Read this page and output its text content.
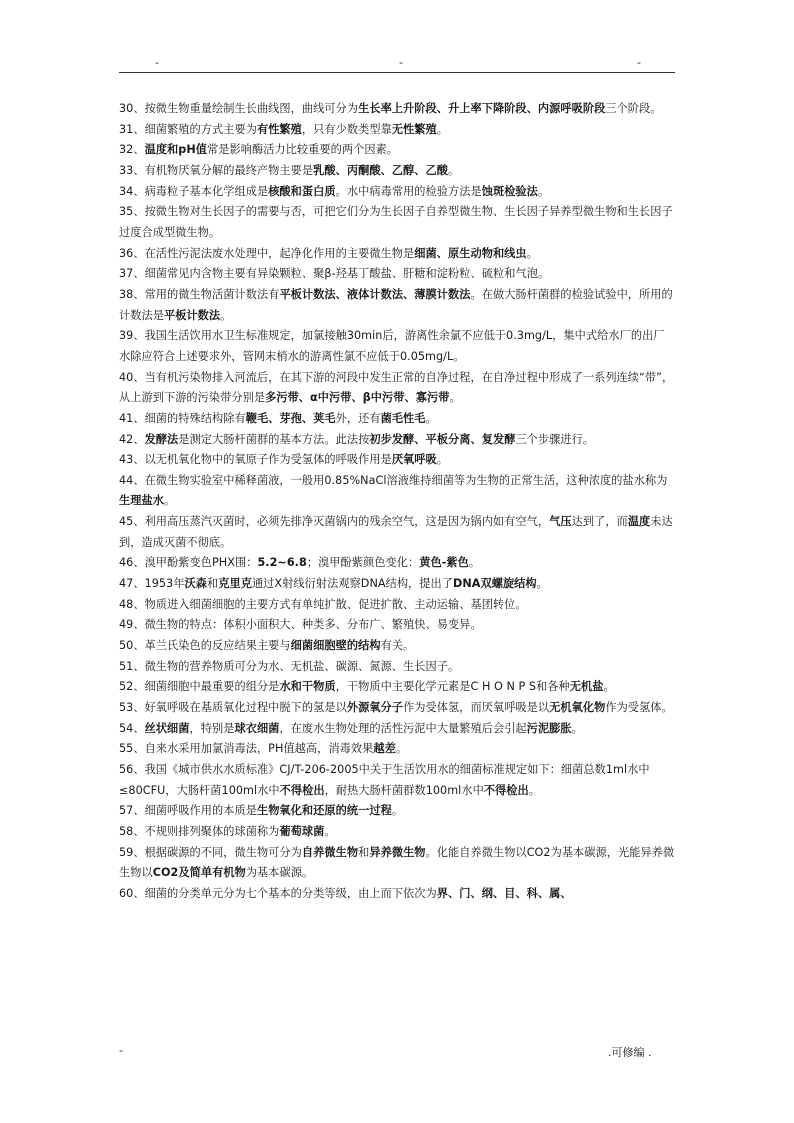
-	-	-

30、按微生物重量绘制生长曲线图，曲线可分为生长率上升阶段、升上率下降阶段、内源呼吸阶段三个阶段。

31、细菌繁殖的方式主要为有性繁殖，只有少数类型靠无性繁殖。

32、温度和pH值常是影响酶活力比较重要的两个因素。

33、有机物厌氧分解的最终产物主要是乳酸、丙酮酸、乙醇、乙酸。

34、病毒粒子基本化学组成是核酸和蛋白质。水中病毒常用的检验方法是蚀斑检验法。

35、按微生物对生长因子的需要与否，可把它们分为生长因子自养型微生物、生长因子异养型微生物和生长因子过度合成型微生物。

36、在活性污泥法废水处理中，起净化作用的主要微生物是细菌、原生动物和线虫。

37、细菌常见内含物主要有异染颗粒、聚β-羟基丁酸盐、肝糖和淀粉粒、硫粒和气泡。

38、常用的微生物活菌计数法有平板计数法、液体计数法、薄膜计数法。在做大肠杆菌群的检验试验中，所用的计数法是平板计数法。

39、我国生活饮用水卫生标准规定，加氯接触30min后，游离性余氯不应低于0.3mg/L，集中式给水厂的出厂水除应符合上述要求外，管网末梢水的游离性氯不应低于0.05mg/L。

40、当有机污染物排入河流后，在其下游的河段中发生正常的自净过程，在自净过程中形成了一系列连续“带”，从上游到下游的污染带分别是多污带、α中污带、β中污带、寡污带。

41、细菌的特殊结构除有鞭毛、芽孢、荚毛外，还有菌毛性毛。

42、发酵法是测定大肠杆菌群的基本方法。此法按初步发酵、平板分离、复发酵三个步骤进行。

43、以无机氧化物中的氧原子作为受氢体的呼吸作用是厌氧呼吸。

44、在微生物实验室中稀释菌液，一般用0.85%NaCl溶液维持细菌等为生物的正常生活，这种浓度的盐水称为生理盐水。

45、利用高压蒸汽灭菌时，必须先排净灭菌锅内的残余空气，这是因为锅内如有空气，气压达到了，而温度未达到，造成灭菌不彻底。

46、溴甲酚紫变色PHX围：5.2~6.8；溴甲酚紫颜色变化：黄色-紫色。

47、1953年沃森和克里克通过X射线衍射法观察DNA结构，提出了DNA双螺旋结构。

48、物质进入细菌细胞的主要方式有单纯扩散、促进扩散、主动运输、基团转位。

49、微生物的特点：体积小面积大、种类多、分布广、繁殖快、易变异。

50、革兰氏染色的反应结果主要与细菌细胞壁的结构有关。

51、微生物的营养物质可分为水、无机盐、碳源、氮源、生长因子。

52、细菌细胞中最重要的组分是水和干物质，干物质中主要化学元素是C H O N P S和各种无机盐。

53、好氧呼吸在基质氧化过程中脱下的氢是以外源氧分子作为受体氢，而厌氧呼吸是以无机氧化物作为受氢体。

54、丝状细菌，特别是球衣细菌，在废水生物处理的活性污泥中大量繁殖后会引起污泥膨胀。

55、自来水采用加氯消毒法，PH值越高，消毒效果越差。

56、我国《城市供水水质标准》CJ/T-206-2005中关于生活饮用水的细菌标准规定如下：细菌总数1ml水中≤80CFU，大肠杆菌100ml水中不得检出，耐热大肠杆菌群数100ml水中不得检出。

57、细菌呼吸作用的本质是生物氧化和还原的统一过程。

58、不规则排列聚体的球菌称为葡萄球菌。

59、根据碳源的不同，微生物可分为自养微生物和异养微生物。化能自养微生物以CO2为基本碳源，光能异养微生物以CO2及简单有机物为基本碳源。

60、细菌的分类单元分为七个基本的分类等级，由上而下依次为界、门、纲、目、科、属、

-	.可修编 .
